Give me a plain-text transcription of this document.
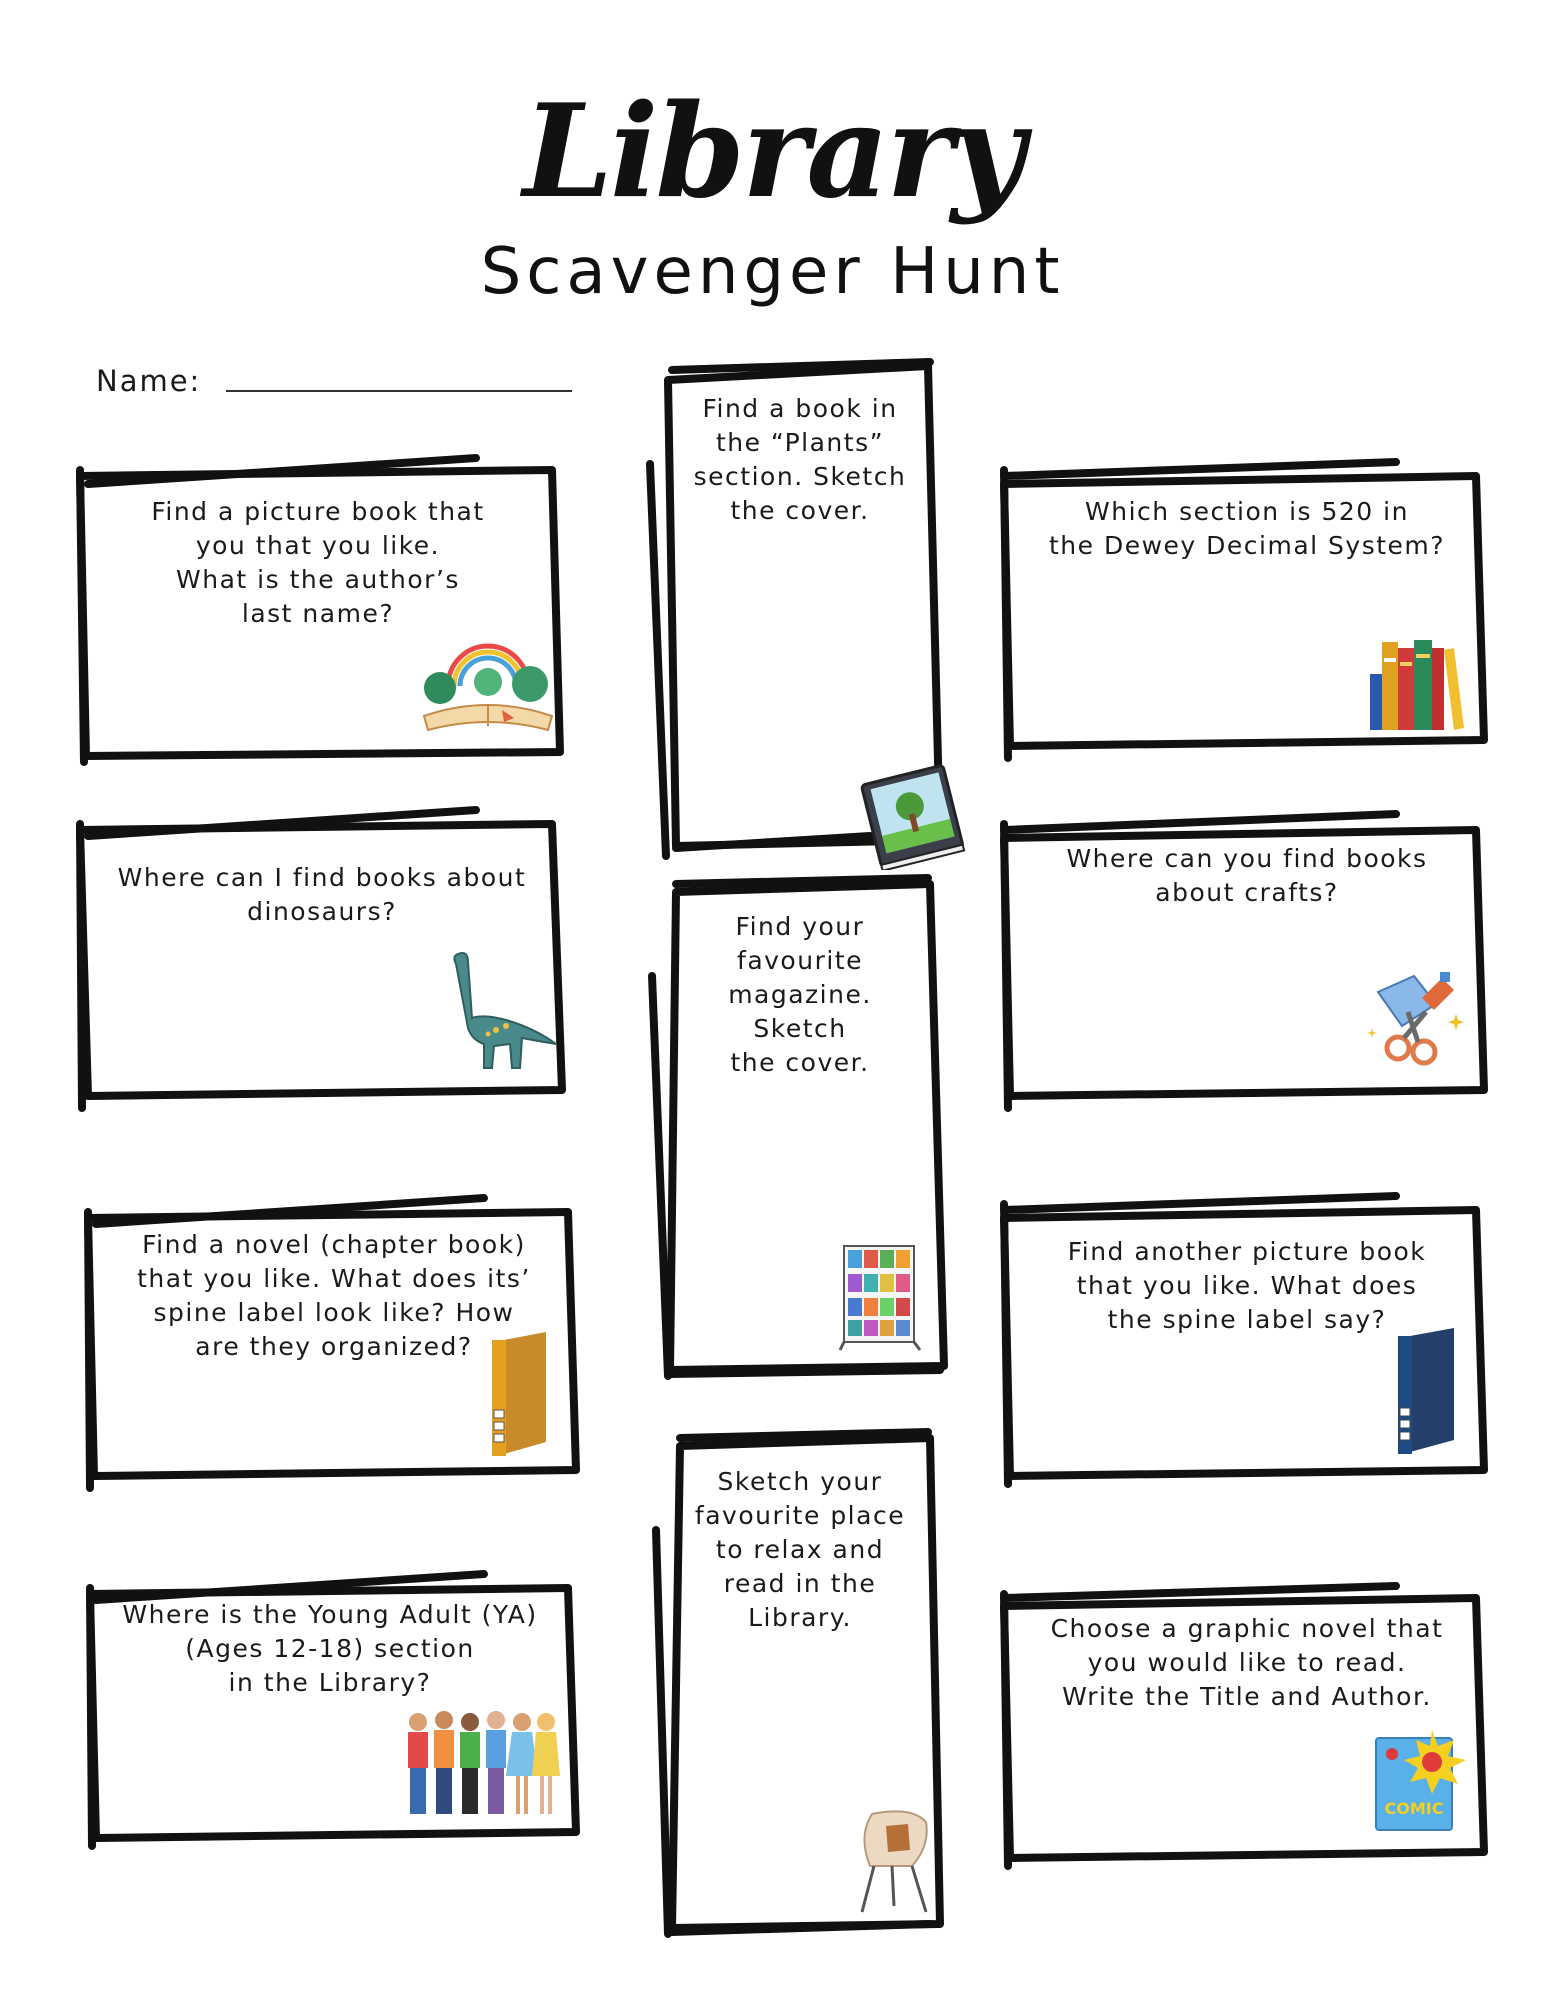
Library
Scavenger Hunt
Name:
Find a picture book that
you that you like.
What is the author’s
last name?
Where can I find books about
dinosaurs?
Find a novel (chapter book)
that you like. What does its’
spine label look like? How
are they organized?
Where is the Young Adult (YA)
(Ages 12-18) section
in the Library?
Find a book in
the “Plants”
section. Sketch
the cover.
Find your
favourite
magazine.
Sketch
the cover.
Sketch your
favourite place
to relax and
read in the
Library.
Which section is 520 in
the Dewey Decimal System?
Where can you find books
about crafts?
Find another picture book
that you like. What does
the spine label say?
Choose a graphic novel that
you would like to read.
Write the Title and Author.
COMIC
